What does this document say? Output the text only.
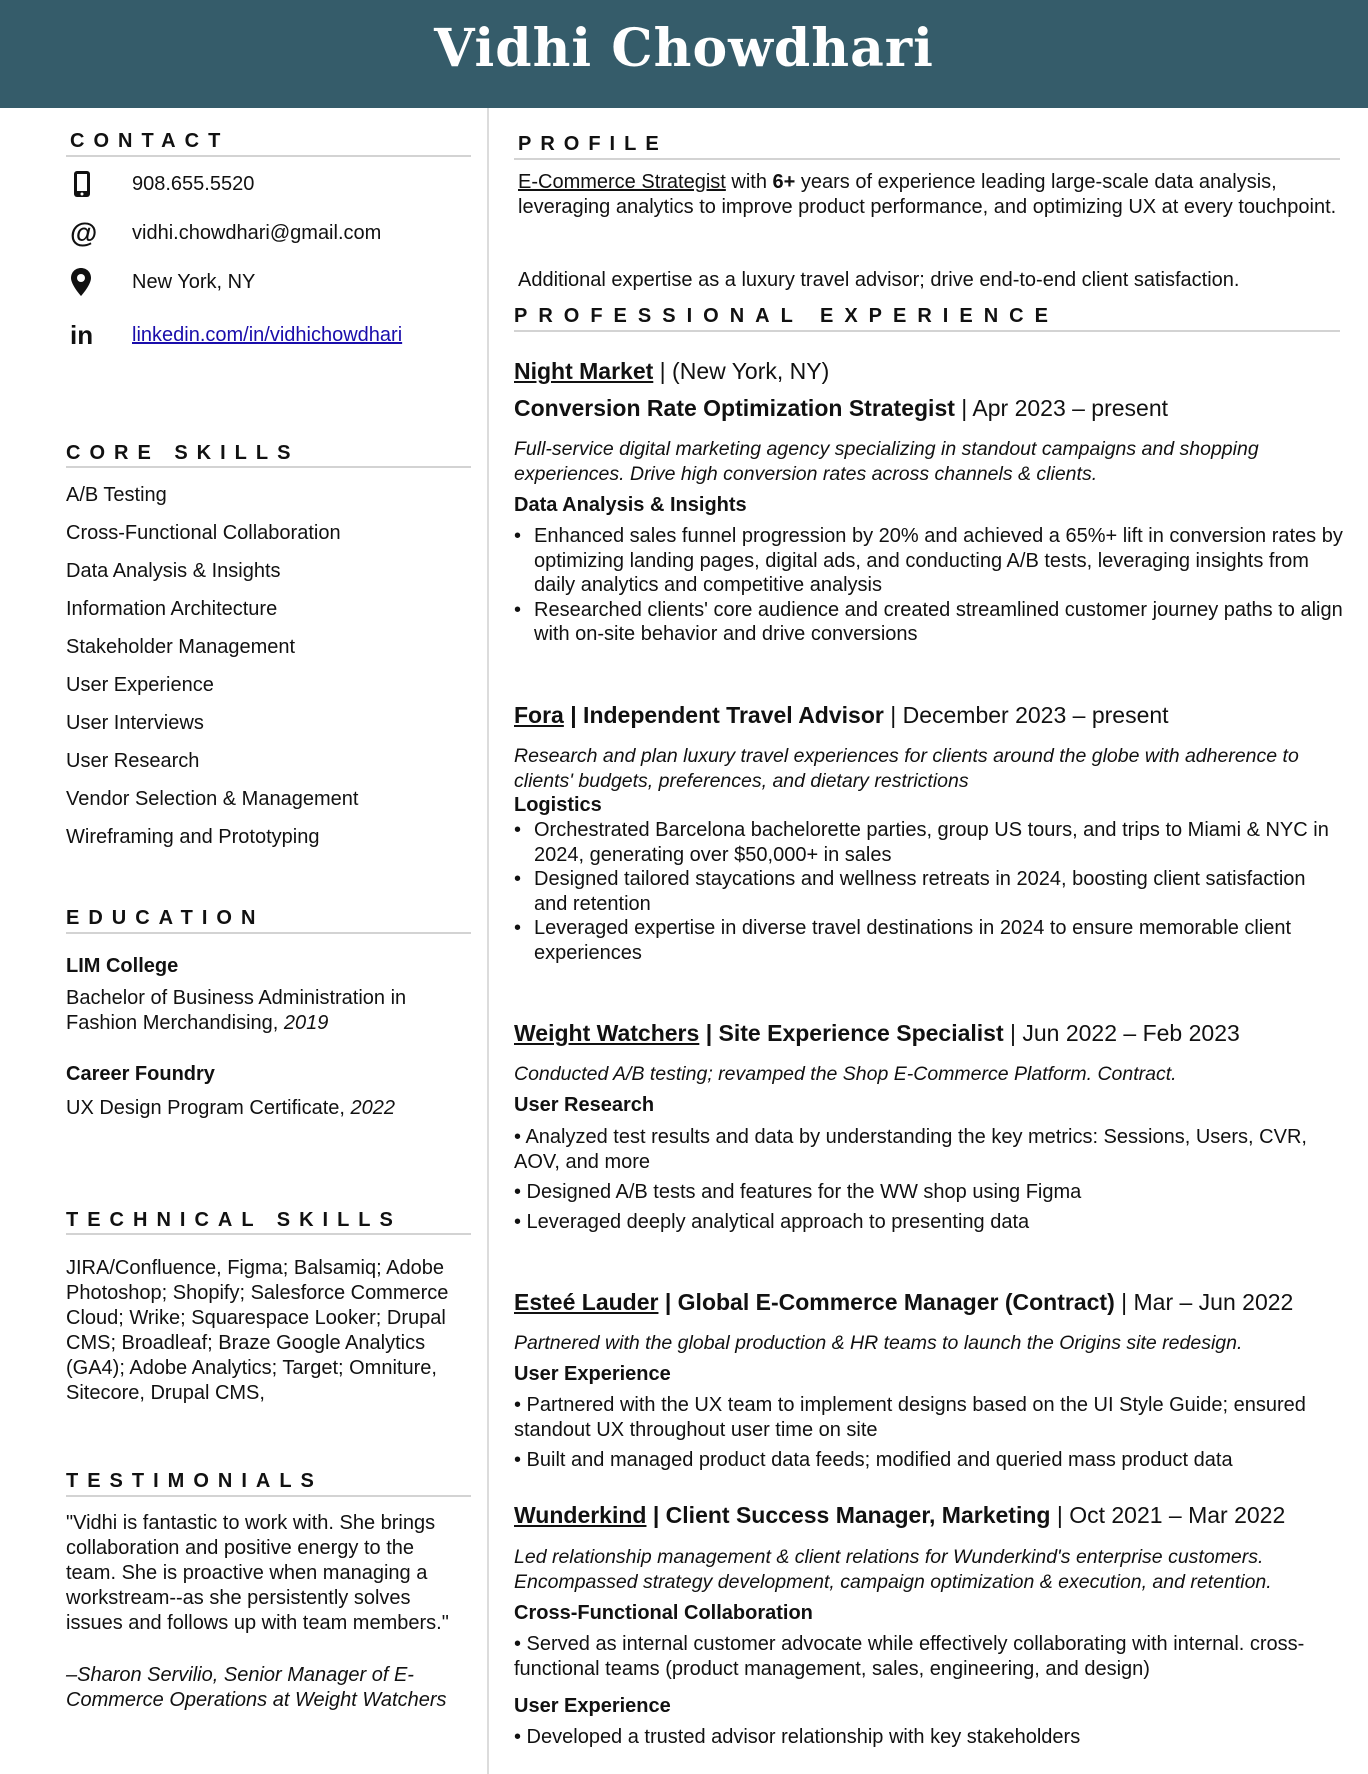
Vidhi Chowdhari
CONTACT
908.655.5520
@	vidhi.chowdhari@gmail.com
New York, NY
in	linkedin.com/in/vidhichowdhari
CORE SKILLS
A/B Testing
Cross-Functional Collaboration
Data Analysis & Insights
Information Architecture
Stakeholder Management
User Experience
User Interviews
User Research
Vendor Selection & Management
Wireframing and Prototyping
EDUCATION
LIM College
Bachelor of Business Administration in Fashion Merchandising, 2019
Career Foundry
UX Design Program Certificate, 2022
TECHNICAL SKILLS
JIRA/Confluence, Figma; Balsamiq; Adobe Photoshop; Shopify; Salesforce Commerce Cloud; Wrike; Squarespace Looker; Drupal CMS; Broadleaf; Braze Google Analytics (GA4); Adobe Analytics; Target; Omniture, Sitecore, Drupal CMS,
TESTIMONIALS
"Vidhi is fantastic to work with. She brings collaboration and positive energy to the team. She is proactive when managing a workstream--as she persistently solves issues and follows up with team members."
–Sharon Servilio, Senior Manager of E-Commerce Operations at Weight Watchers
PROFILE
E-Commerce Strategist with 6+ years of experience leading large-scale data analysis, leveraging analytics to improve product performance, and optimizing UX at every touchpoint.
Additional expertise as a luxury travel advisor; drive end-to-end client satisfaction.
PROFESSIONAL EXPERIENCE
Night Market | (New York, NY)
Conversion Rate Optimization Strategist | Apr 2023 – present
Full-service digital marketing agency specializing in standout campaigns and shopping experiences. Drive high conversion rates across channels & clients.
Data Analysis & Insights
• Enhanced sales funnel progression by 20% and achieved a 65%+ lift in conversion rates by optimizing landing pages, digital ads, and conducting A/B tests, leveraging insights from daily analytics and competitive analysis
• Researched clients' core audience and created streamlined customer journey paths to align with on-site behavior and drive conversions
Fora | Independent Travel Advisor | December 2023 – present
Research and plan luxury travel experiences for clients around the globe with adherence to clients' budgets, preferences, and dietary restrictions
Logistics
• Orchestrated Barcelona bachelorette parties, group US tours, and trips to Miami & NYC in 2024, generating over $50,000+ in sales
• Designed tailored staycations and wellness retreats in 2024, boosting client satisfaction and retention
• Leveraged expertise in diverse travel destinations in 2024 to ensure memorable client experiences
Weight Watchers | Site Experience Specialist | Jun 2022 – Feb 2023
Conducted A/B testing; revamped the Shop E-Commerce Platform. Contract.
User Research
• Analyzed test results and data by understanding the key metrics: Sessions, Users, CVR, AOV, and more
• Designed A/B tests and features for the WW shop using Figma
• Leveraged deeply analytical approach to presenting data
Esteé Lauder | Global E-Commerce Manager (Contract) | Mar – Jun 2022
Partnered with the global production & HR teams to launch the Origins site redesign.
User Experience
• Partnered with the UX team to implement designs based on the UI Style Guide; ensured standout UX throughout user time on site
• Built and managed product data feeds; modified and queried mass product data
Wunderkind | Client Success Manager, Marketing | Oct 2021 – Mar 2022
Led relationship management & client relations for Wunderkind's enterprise customers. Encompassed strategy development, campaign optimization & execution, and retention.
Cross-Functional Collaboration
• Served as internal customer advocate while effectively collaborating with internal. cross-functional teams (product management, sales, engineering, and design)
User Experience
• Developed a trusted advisor relationship with key stakeholders
